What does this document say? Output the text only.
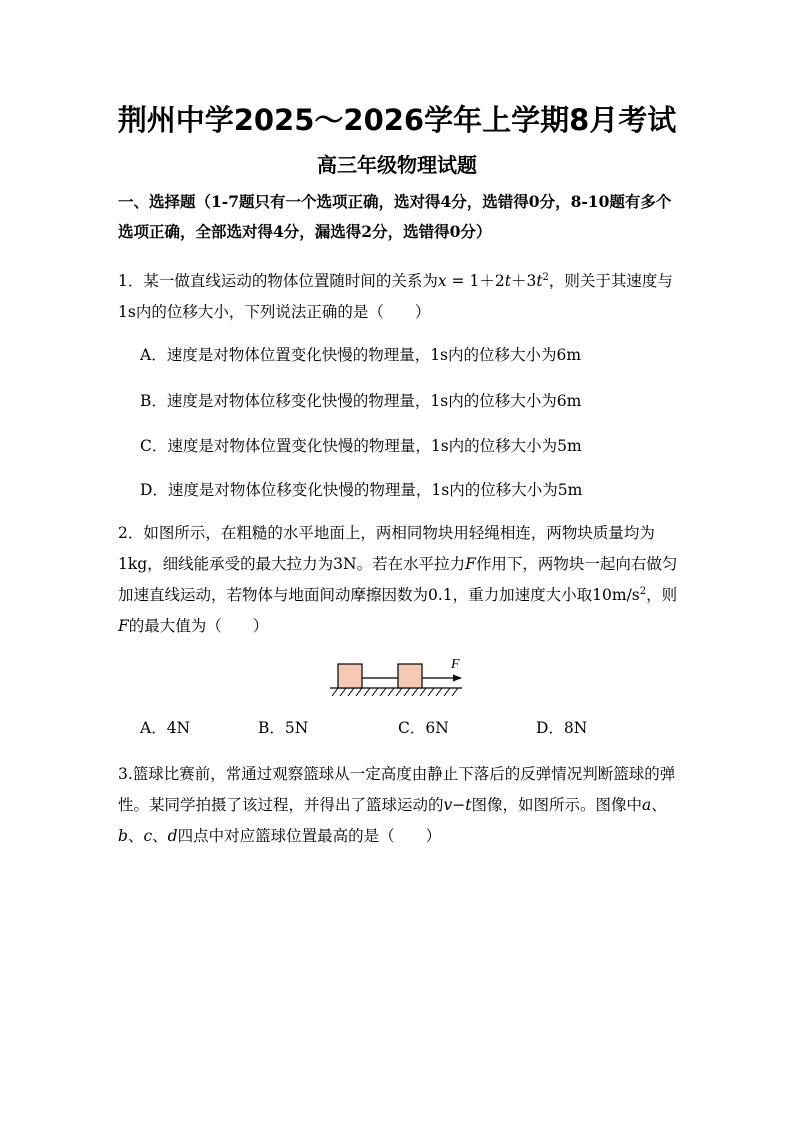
荆州中学2025～2026学年上学期8月考试
高三年级物理试题
一、选择题（1-7题只有一个选项正确，选对得4分，选错得0分，8-10题有多个选项正确，全部选对得4分，漏选得2分，选错得0分）
1．某一做直线运动的物体位置随时间的关系为$x = 1+2t+3t^2$，则关于其速度与1s内的位移大小，下列说法正确的是（　　）
A．速度是对物体位置变化快慢的物理量，1s内的位移大小为6m
B．速度是对物体位移变化快慢的物理量，1s内的位移大小为6m
C．速度是对物体位置变化快慢的物理量，1s内的位移大小为5m
D．速度是对物体位移变化快慢的物理量，1s内的位移大小为5m
2．如图所示，在粗糙的水平地面上，两相同物块用轻绳相连，两物块质量均为1kg，细线能承受的最大拉力为3N。若在水平拉力F作用下，两物块一起向右做匀加速直线运动，若物体与地面间动摩擦因数为0.1，重力加速度大小取$10m/s^2$，则F的最大值为（　　）
F
A．4N	B．5N	C．6N	D．8N
3.篮球比赛前，常通过观察篮球从一定高度由静止下落后的反弹情况判断篮球的弹性。某同学拍摄了该过程，并得出了篮球运动的v−t图像，如图所示。图像中a、b、c、d四点中对应篮球位置最高的是（　　）
